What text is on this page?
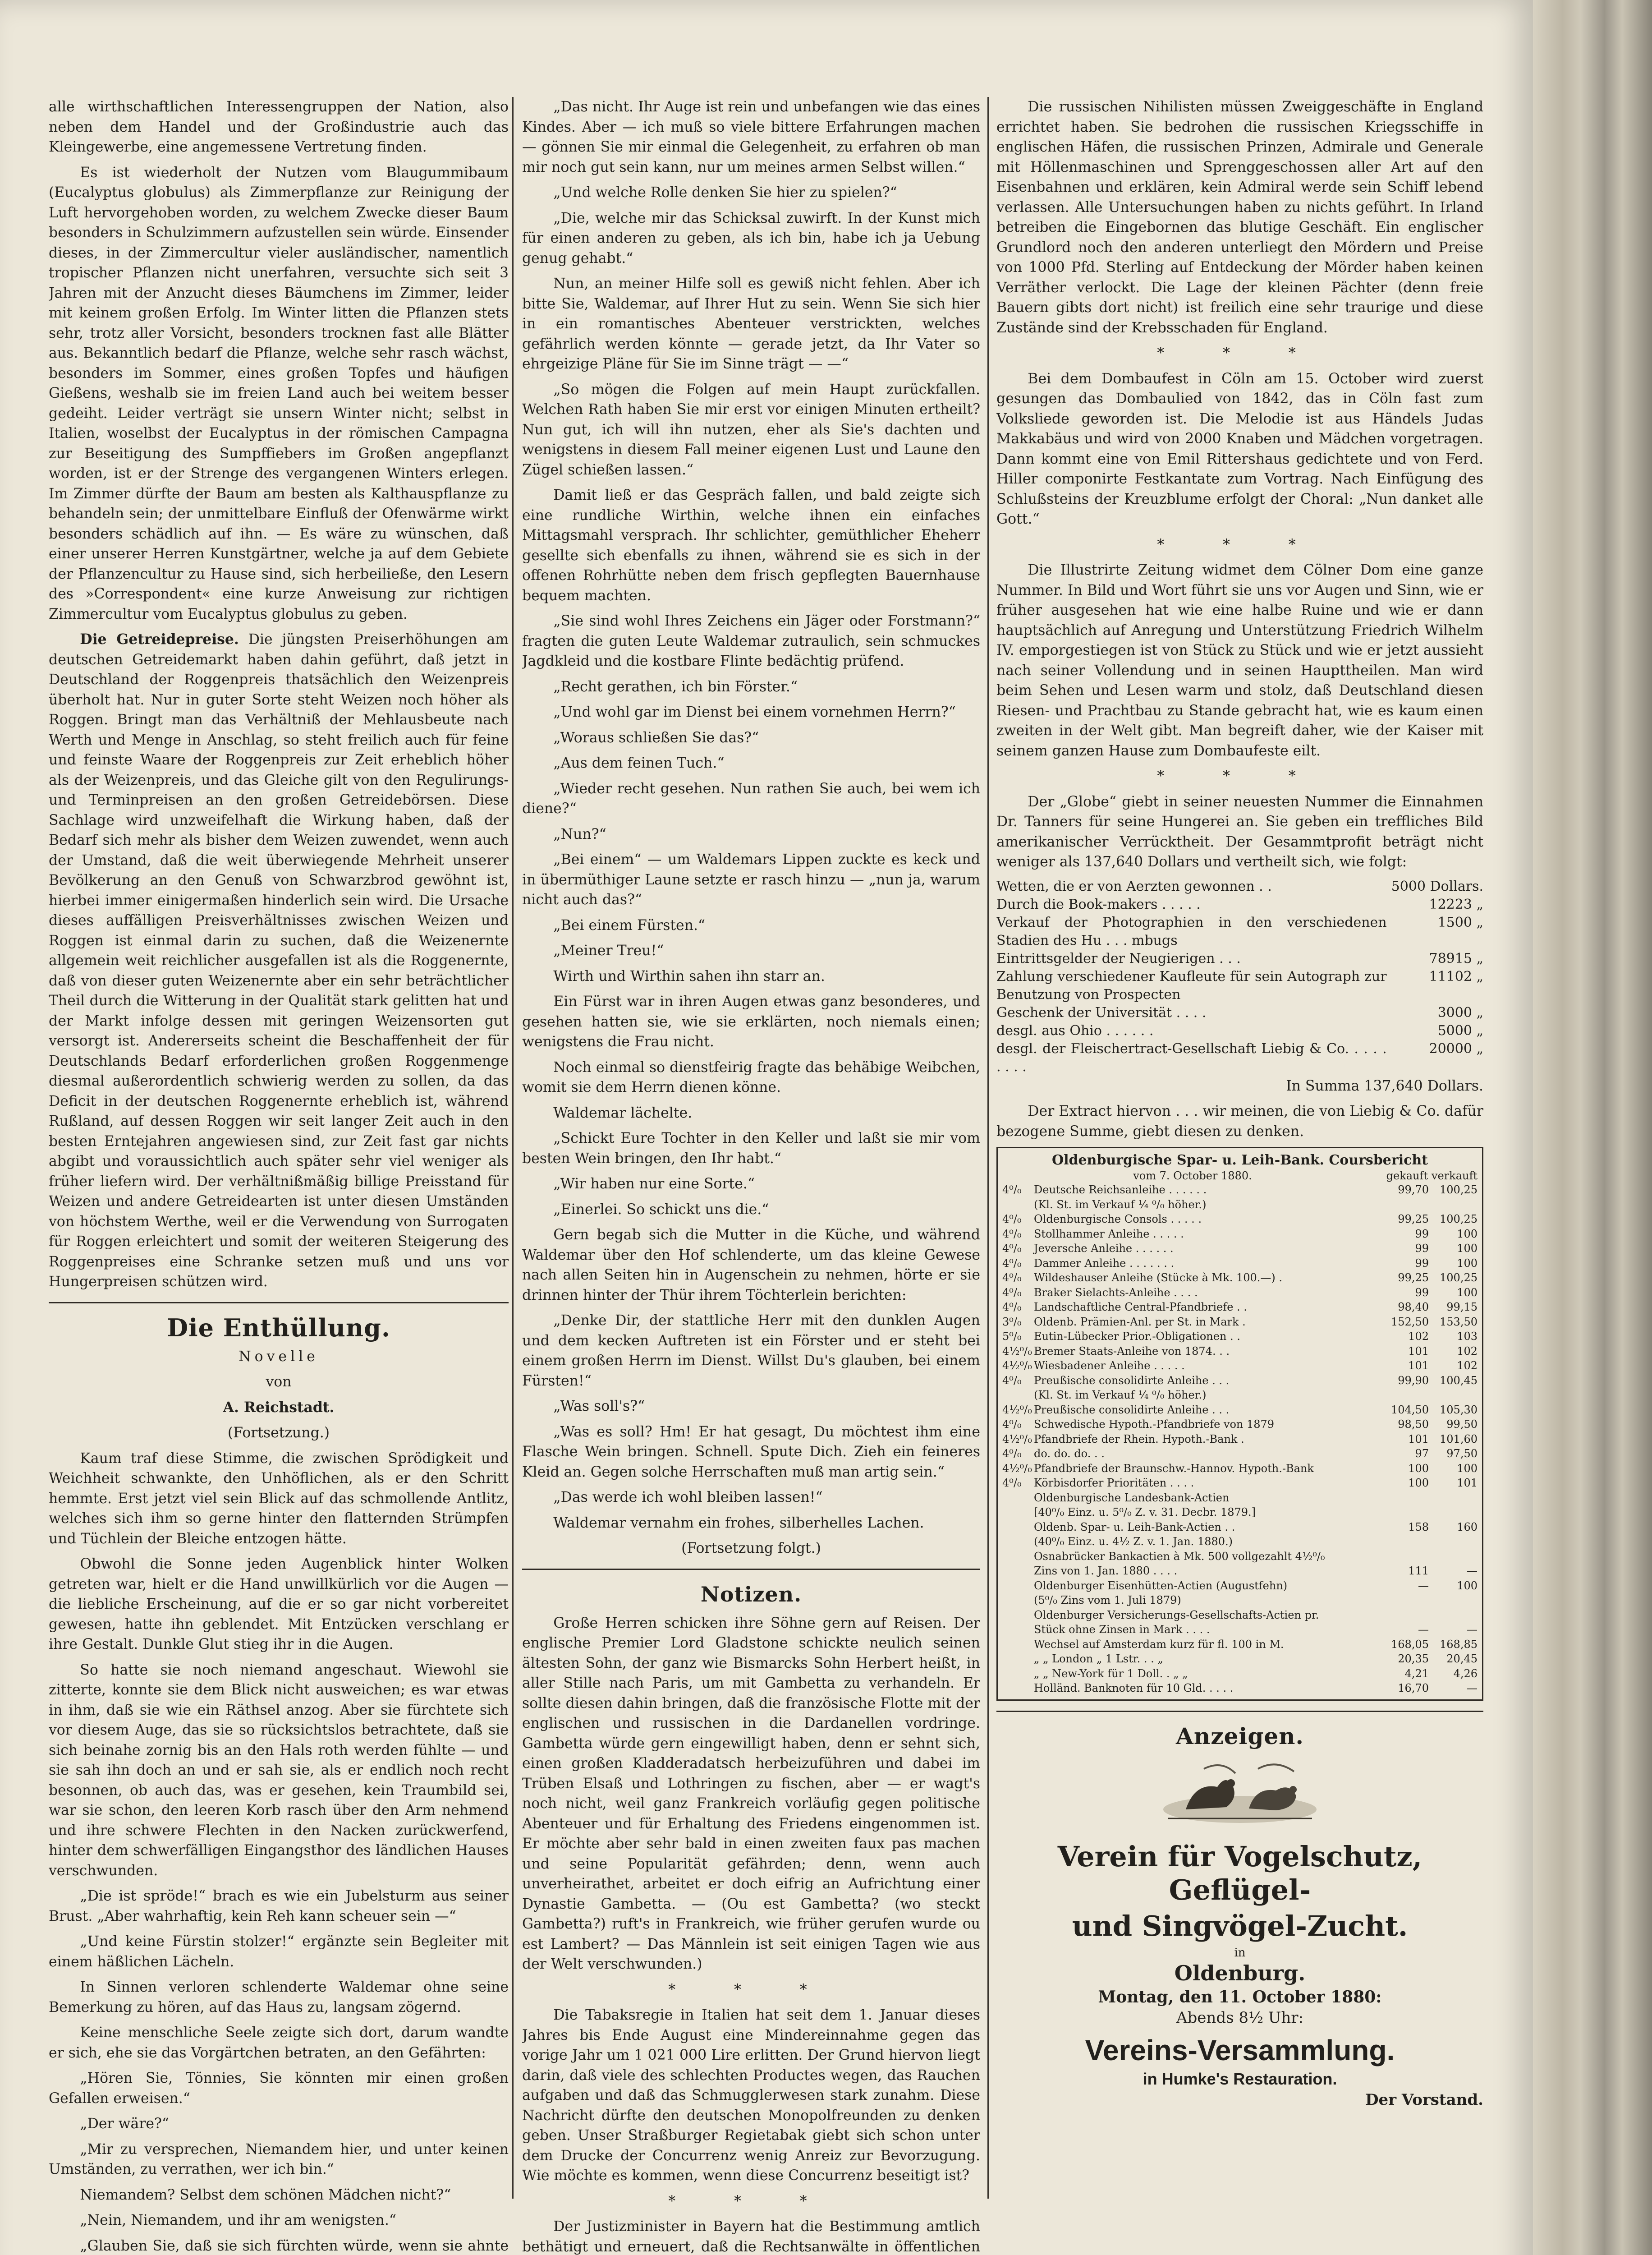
alle wirthschaftlichen Interessengruppen der Nation, also neben dem Handel und der Großindustrie auch das Kleingewerbe, eine angemessene Vertretung finden.

Es ist wiederholt der Nutzen vom Blaugummibaum (Eucalyptus globulus) als Zimmerpflanze zur Reinigung der Luft hervorgehoben worden, zu welchem Zwecke dieser Baum besonders in Schulzimmern aufzustellen sein würde. Einsender dieses, in der Zimmercultur vieler ausländischer, namentlich tropischer Pflanzen nicht unerfahren, versuchte sich seit 3 Jahren mit der Anzucht dieses Bäumchens im Zimmer, leider mit keinem großen Erfolg. Im Winter litten die Pflanzen stets sehr, trotz aller Vorsicht, besonders trocknen fast alle Blätter aus. Bekanntlich bedarf die Pflanze, welche sehr rasch wächst, besonders im Sommer, eines großen Topfes und häufigen Gießens, weshalb sie im freien Land auch bei weitem besser gedeiht. Leider verträgt sie unsern Winter nicht; selbst in Italien, woselbst der Eucalyptus in der römischen Campagna zur Beseitigung des Sumpffiebers im Großen angepflanzt worden, ist er der Strenge des vergangenen Winters erlegen. Im Zimmer dürfte der Baum am besten als Kalthauspflanze zu behandeln sein; der unmittelbare Einfluß der Ofenwärme wirkt besonders schädlich auf ihn. — Es wäre zu wünschen, daß einer unserer Herren Kunstgärtner, welche ja auf dem Gebiete der Pflanzencultur zu Hause sind, sich herbeiließe, den Lesern des »Correspondent« eine kurze Anweisung zur richtigen Zimmercultur vom Eucalyptus globulus zu geben.

Die Getreidepreise. Die jüngsten Preiserhöhungen am deutschen Getreidemarkt haben dahin geführt, daß jetzt in Deutschland der Roggenpreis thatsächlich den Weizenpreis überholt hat. Nur in guter Sorte steht Weizen noch höher als Roggen. Bringt man das Verhältniß der Mehlausbeute nach Werth und Menge in Anschlag, so steht freilich auch für feine und feinste Waare der Roggenpreis zur Zeit erheblich höher als der Weizenpreis, und das Gleiche gilt von den Regulirungs- und Terminpreisen an den großen Getreidebörsen. Diese Sachlage wird unzweifelhaft die Wirkung haben, daß der Bedarf sich mehr als bisher dem Weizen zuwendet, wenn auch der Umstand, daß die weit überwiegende Mehrheit unserer Bevölkerung an den Genuß von Schwarzbrod gewöhnt ist, hierbei immer einigermaßen hinderlich sein wird. Die Ursache dieses auffälligen Preisverhältnisses zwischen Weizen und Roggen ist einmal darin zu suchen, daß die Weizenernte allgemein weit reichlicher ausgefallen ist als die Roggenernte, daß von dieser guten Weizenernte aber ein sehr beträchtlicher Theil durch die Witterung in der Qualität stark gelitten hat und der Markt infolge dessen mit geringen Weizensorten gut versorgt ist. Andererseits scheint die Beschaffenheit der für Deutschlands Bedarf erforderlichen großen Roggenmenge diesmal außerordentlich schwierig werden zu sollen, da das Deficit in der deutschen Roggenernte erheblich ist, während Rußland, auf dessen Roggen wir seit langer Zeit auch in den besten Erntejahren angewiesen sind, zur Zeit fast gar nichts abgibt und voraussichtlich auch später sehr viel weniger als früher liefern wird. Der verhältnißmäßig billige Preisstand für Weizen und andere Getreidearten ist unter diesen Umständen von höchstem Werthe, weil er die Verwendung von Surrogaten für Roggen erleichtert und somit der weiteren Steigerung des Roggenpreises eine Schranke setzen muß und uns vor Hungerpreisen schützen wird.

Die Enthüllung.

Novelle

von

A. Reichstadt.

(Fortsetzung.)

Kaum traf diese Stimme, die zwischen Sprödigkeit und Weichheit schwankte, den Unhöflichen, als er den Schritt hemmte. Erst jetzt viel sein Blick auf das schmollende Antlitz, welches sich ihm so gerne hinter den flatternden Strümpfen und Tüchlein der Bleiche entzogen hätte.

Obwohl die Sonne jeden Augenblick hinter Wolken getreten war, hielt er die Hand unwillkürlich vor die Augen — die liebliche Erscheinung, auf die er so gar nicht vorbereitet gewesen, hatte ihn geblendet. Mit Entzücken verschlang er ihre Gestalt. Dunkle Glut stieg ihr in die Augen.

So hatte sie noch niemand angeschaut. Wiewohl sie zitterte, konnte sie dem Blick nicht ausweichen; es war etwas in ihm, daß sie wie ein Räthsel anzog. Aber sie fürchtete sich vor diesem Auge, das sie so rücksichtslos betrachtete, daß sie sich beinahe zornig bis an den Hals roth werden fühlte — und sie sah ihn doch an und er sah sie, als er endlich noch recht besonnen, ob auch das, was er gesehen, kein Traumbild sei, war sie schon, den leeren Korb rasch über den Arm nehmend und ihre schwere Flechten in den Nacken zurückwerfend, hinter dem schwerfälligen Eingangsthor des ländlichen Hauses verschwunden.

„Die ist spröde!“ brach es wie ein Jubelsturm aus seiner Brust. „Aber wahrhaftig, kein Reh kann scheuer sein —“

„Und keine Fürstin stolzer!“ ergänzte sein Begleiter mit einem häßlichen Lächeln.

In Sinnen verloren schlenderte Waldemar ohne seine Bemerkung zu hören, auf das Haus zu, langsam zögernd.

Keine menschliche Seele zeigte sich dort, darum wandte er sich, ehe sie das Vorgärtchen betraten, an den Gefährten:

„Hören Sie, Tönnies, Sie könnten mir einen großen Gefallen erweisen.“

„Der wäre?“

„Mir zu versprechen, Niemandem hier, und unter keinen Umständen, zu verrathen, wer ich bin.“

Niemandem? Selbst dem schönen Mädchen nicht?“

„Nein, Niemandem, und ihr am wenigsten.“

„Glauben Sie, daß sie sich fürchten würde, wenn sie ahnte

„Das nicht. Ihr Auge ist rein und unbefangen wie das eines Kindes. Aber — ich muß so viele bittere Erfahrungen machen — gönnen Sie mir einmal die Gelegenheit, zu erfahren ob man mir noch gut sein kann, nur um meines armen Selbst willen.“

„Und welche Rolle denken Sie hier zu spielen?“

„Die, welche mir das Schicksal zuwirft. In der Kunst mich für einen anderen zu geben, als ich bin, habe ich ja Uebung genug gehabt.“

Nun, an meiner Hilfe soll es gewiß nicht fehlen. Aber ich bitte Sie, Waldemar, auf Ihrer Hut zu sein. Wenn Sie sich hier in ein romantisches Abenteuer verstrickten, welches gefährlich werden könnte — gerade jetzt, da Ihr Vater so ehrgeizige Pläne für Sie im Sinne trägt — —“

„So mögen die Folgen auf mein Haupt zurückfallen. Welchen Rath haben Sie mir erst vor einigen Minuten ertheilt? Nun gut, ich will ihn nutzen, eher als Sie's dachten und wenigstens in diesem Fall meiner eigenen Lust und Laune den Zügel schießen lassen.“

Damit ließ er das Gespräch fallen, und bald zeigte sich eine rundliche Wirthin, welche ihnen ein einfaches Mittagsmahl versprach. Ihr schlichter, gemüthlicher Eheherr gesellte sich ebenfalls zu ihnen, während sie es sich in der offenen Rohrhütte neben dem frisch gepflegten Bauernhause bequem machten.

„Sie sind wohl Ihres Zeichens ein Jäger oder Forstmann?“ fragten die guten Leute Waldemar zutraulich, sein schmuckes Jagdkleid und die kostbare Flinte bedächtig prüfend.

„Recht gerathen, ich bin Förster.“

„Und wohl gar im Dienst bei einem vornehmen Herrn?“

„Woraus schließen Sie das?“

„Aus dem feinen Tuch.“

„Wieder recht gesehen. Nun rathen Sie auch, bei wem ich diene?“

„Nun?“

„Bei einem“ — um Waldemars Lippen zuckte es keck und in übermüthiger Laune setzte er rasch hinzu — „nun ja, warum nicht auch das?“

„Bei einem Fürsten.“

„Meiner Treu!“

Wirth und Wirthin sahen ihn starr an.

Ein Fürst war in ihren Augen etwas ganz besonderes, und gesehen hatten sie, wie sie erklärten, noch niemals einen; wenigstens die Frau nicht.

Noch einmal so dienstfeirig fragte das behäbige Weibchen, womit sie dem Herrn dienen könne.

Waldemar lächelte.

„Schickt Eure Tochter in den Keller und laßt sie mir vom besten Wein bringen, den Ihr habt.“

„Wir haben nur eine Sorte.“

„Einerlei. So schickt uns die.“

Gern begab sich die Mutter in die Küche, und während Waldemar über den Hof schlenderte, um das kleine Gewese nach allen Seiten hin in Augenschein zu nehmen, hörte er sie drinnen hinter der Thür ihrem Töchterlein berichten:

„Denke Dir, der stattliche Herr mit den dunklen Augen und dem kecken Auftreten ist ein Förster und er steht bei einem großen Herrn im Dienst. Willst Du's glauben, bei einem Fürsten!“

„Was soll's?“

„Was es soll? Hm! Er hat gesagt, Du möchtest ihm eine Flasche Wein bringen. Schnell. Spute Dich. Zieh ein feineres Kleid an. Gegen solche Herrschaften muß man artig sein.“

„Das werde ich wohl bleiben lassen!“

Waldemar vernahm ein frohes, silberhelles Lachen.

(Fortsetzung folgt.)

Notizen.

Große Herren schicken ihre Söhne gern auf Reisen. Der englische Premier Lord Gladstone schickte neulich seinen ältesten Sohn, der ganz wie Bismarcks Sohn Herbert heißt, in aller Stille nach Paris, um mit Gambetta zu verhandeln. Er sollte diesen dahin bringen, daß die französische Flotte mit der englischen und russischen in die Dardanellen vordringe. Gambetta würde gern eingewilligt haben, denn er sehnt sich, einen großen Kladderadatsch herbeizuführen und dabei im Trüben Elsaß und Lothringen zu fischen, aber — er wagt's noch nicht, weil ganz Frankreich vorläufig gegen politische Abenteuer und für Erhaltung des Friedens eingenommen ist. Er möchte aber sehr bald in einen zweiten faux pas machen und seine Popularität gefährden; denn, wenn auch unverheirathet, arbeitet er doch eifrig an Aufrichtung einer Dynastie Gambetta. — (Ou est Gambetta? (wo steckt Gambetta?) ruft's in Frankreich, wie früher gerufen wurde ou est Lambert? — Das Männlein ist seit einigen Tagen wie aus der Welt verschwunden.)

* * *

Die Tabaksregie in Italien hat seit dem 1. Januar dieses Jahres bis Ende August eine Mindereinnahme gegen das vorige Jahr um 1 021 000 Lire erlitten. Der Grund hiervon liegt darin, daß viele des schlechten Productes wegen, das Rauchen aufgaben und daß das Schmugglerwesen stark zunahm. Diese Nachricht dürfte den deutschen Monopolfreunden zu denken geben. Unser Straßburger Regietabak giebt sich schon unter dem Drucke der Concurrenz wenig Anreiz zur Bevorzugung. Wie möchte es kommen, wenn diese Concurrenz beseitigt ist?

* * *

Der Justizminister in Bayern hat die Bestimmung amtlich bethätigt und erneuert, daß die Rechtsanwälte in öffentlichen

Die russischen Nihilisten müssen Zweiggeschäfte in England errichtet haben. Sie bedrohen die russischen Kriegsschiffe in englischen Häfen, die russischen Prinzen, Admirale und Generale mit Höllenmaschinen und Sprenggeschossen aller Art auf den Eisenbahnen und erklären, kein Admiral werde sein Schiff lebend verlassen. Alle Untersuchungen haben zu nichts geführt. In Irland betreiben die Eingebornen das blutige Geschäft. Ein englischer Grundlord noch den anderen unterliegt den Mördern und Preise von 1000 Pfd. Sterling auf Entdeckung der Mörder haben keinen Verräther verlockt. Die Lage der kleinen Pächter (denn freie Bauern gibts dort nicht) ist freilich eine sehr traurige und diese Zustände sind der Krebsschaden für England.

* * *

Bei dem Dombaufest in Cöln am 15. October wird zuerst gesungen das Dombaulied von 1842, das in Cöln fast zum Volksliede geworden ist. Die Melodie ist aus Händels Judas Makkabäus und wird von 2000 Knaben und Mädchen vorgetragen. Dann kommt eine von Emil Rittershaus gedichtete und von Ferd. Hiller componirte Festkantate zum Vortrag. Nach Einfügung des Schlußsteins der Kreuzblume erfolgt der Choral: „Nun danket alle Gott.“

* * *

Die Illustrirte Zeitung widmet dem Cölner Dom eine ganze Nummer. In Bild und Wort führt sie uns vor Augen und Sinn, wie er früher ausgesehen hat wie eine halbe Ruine und wie er dann hauptsächlich auf Anregung und Unterstützung Friedrich Wilhelm IV. emporgestiegen ist von Stück zu Stück und wie er jetzt aussieht nach seiner Vollendung und in seinen Haupttheilen. Man wird beim Sehen und Lesen warm und stolz, daß Deutschland diesen Riesen- und Prachtbau zu Stande gebracht hat, wie es kaum einen zweiten in der Welt gibt. Man begreift daher, wie der Kaiser mit seinem ganzen Hause zum Dombaufeste eilt.

* * *

Der „Globe“ giebt in seiner neuesten Nummer die Einnahmen Dr. Tanners für seine Hungerei an. Sie geben ein treffliches Bild amerikanischer Verrücktheit. Der Gesammtprofit beträgt nicht weniger als 137,640 Dollars und vertheilt sich, wie folgt:

Wetten, die er von Aerzten gewonnen . .	5000 Dollars.
Durch die Book-makers . . . . .	12223 „
Verkauf der Photographien in den verschiedenen Stadien des Hu . . . mbugs	1500 „
Eintrittsgelder der Neugierigen . . .	78915 „
Zahlung verschiedener Kaufleute für sein Autograph zur Benutzung von Prospecten	11102 „
Geschenk der Universität . . . .	3000 „
desgl. aus Ohio . . . . . .	5000 „
desgl. der Fleischertract-Gesellschaft Liebig & Co. . . . . . . . .	20000 „

In Summa 137,640 Dollars.

Der Extract hiervon . . . wir meinen, die von Liebig & Co. dafür bezogene Summe, giebt diesen zu denken.

Oldenburgische Spar- u. Leih-Bank. Coursbericht
vom 7. October 1880.	gekauft verkauft
4⁰/₀	Deutsche Reichsanleihe . . . . . .	99,70	100,25
	(Kl. St. im Verkauf ¼ ⁰/₀ höher.)		
4⁰/₀	Oldenburgische Consols . . . . .	99,25	100,25
4⁰/₀	Stollhammer Anleihe . . . . .	99	100
4⁰/₀	Jeversche Anleihe . . . . . .	99	100
4⁰/₀	Dammer Anleihe . . . . . . .	99	100
4⁰/₀	Wildeshauser Anleihe (Stücke à Mk. 100.—) .	99,25	100,25
4⁰/₀	Braker Sielachts-Anleihe . . . .	99	100
4⁰/₀	Landschaftliche Central-Pfandbriefe . .	98,40	99,15
3⁰/₀	Oldenb. Prämien-Anl. per St. in Mark .	152,50	153,50
5⁰/₀	Eutin-Lübecker Prior.-Obligationen . .	102	103
4½⁰/₀	Bremer Staats-Anleihe von 1874. . .	101	102
4½⁰/₀	Wiesbadener Anleihe . . . . .	101	102
4⁰/₀	Preußische consolidirte Anleihe . . .	99,90	100,45
	(Kl. St. im Verkauf ¼ ⁰/₀ höher.)		
4½⁰/₀	Preußische consolidirte Anleihe . . .	104,50	105,30
4⁰/₀	Schwedische Hypoth.-Pfandbriefe von 1879	98,50	99,50
4½⁰/₀	Pfandbriefe der Rhein. Hypoth.-Bank .	101	101,60
4⁰/₀	do. do. do. . .	97	97,50
4½⁰/₀	Pfandbriefe der Braunschw.-Hannov. Hypoth.-Bank	100	100
4⁰/₀	Körbisdorfer Prioritäten . . . .	100	101
	Oldenburgische Landesbank-Actien		
	[40⁰/₀ Einz. u. 5⁰/₀ Z. v. 31. Decbr. 1879.]		
	Oldenb. Spar- u. Leih-Bank-Actien . .	158	160
	(40⁰/₀ Einz. u. 4½ Z. v. 1. Jan. 1880.)		
	Osnabrücker Bankactien à Mk. 500 vollgezahlt 4½⁰/₀		
	Zins von 1. Jan. 1880 . . . .	111	—
	Oldenburger Eisenhütten-Actien (Augustfehn)	—	100
	(5⁰/₀ Zins vom 1. Juli 1879)		
	Oldenburger Versicherungs-Gesellschafts-Actien pr.		
	Stück ohne Zinsen in Mark . . . .	—	—
	Wechsel auf Amsterdam kurz für fl. 100 in M.	168,05	168,85
	„ „ London „ 1 Lstr. . . „	20,35	20,45
	„ „ New-York für 1 Doll. . „ „	4,21	4,26
	Holländ. Banknoten für 10 Gld. . . . .	16,70	—
Anzeigen.
Verein für Vogelschutz, Geflügel-
und Singvögel-Zucht.
in
Oldenburg.
Montag, den 11. October 1880:
Abends 8½ Uhr:
Vereins-Versammlung.
in Humke's Restauration.
Der Vorstand.
